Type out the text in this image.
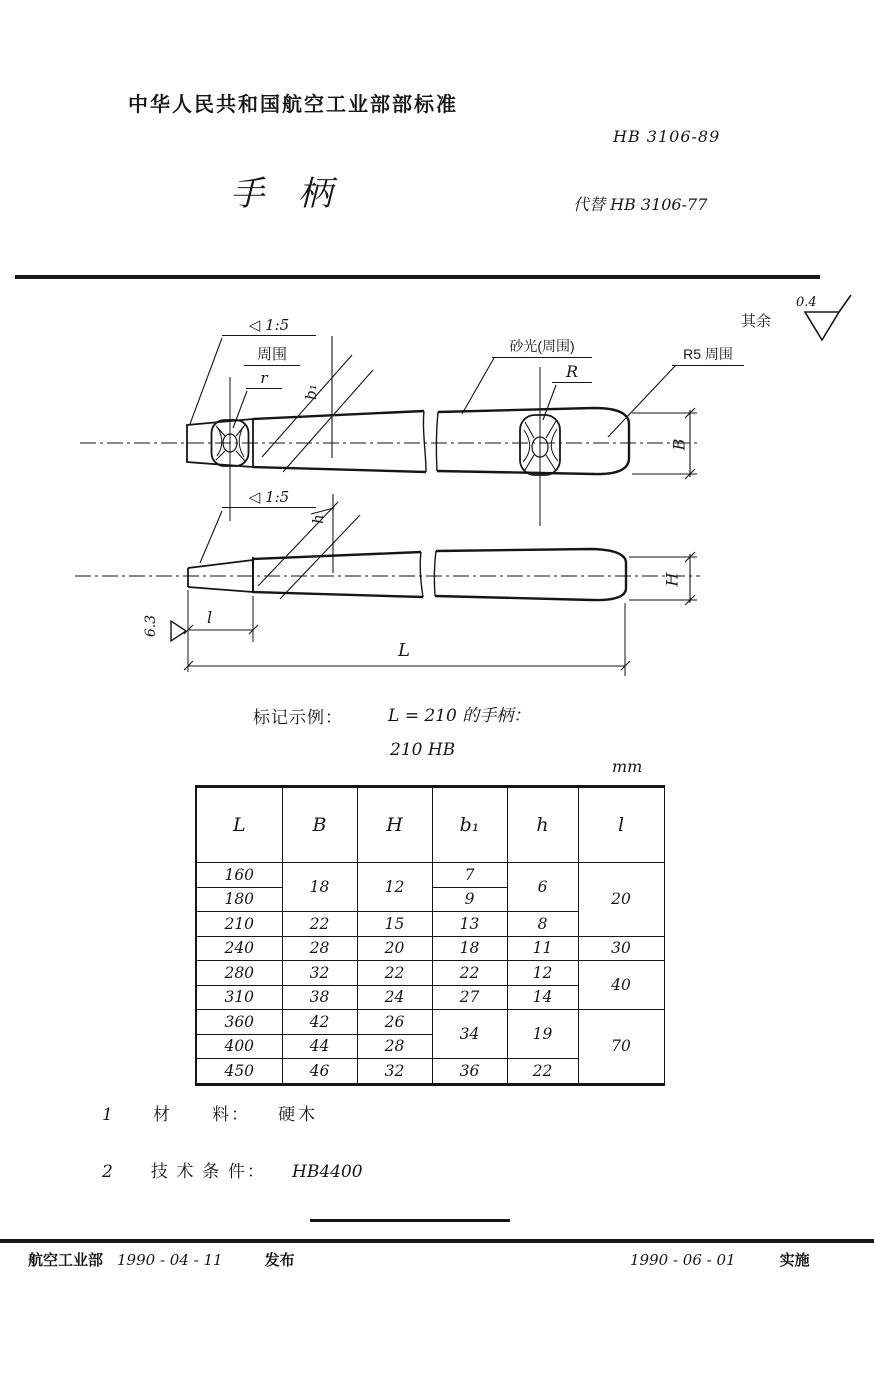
中华人民共和国航空工业部部标准
HB 3106-89
手　柄	代替 HB 3106-77
◁ 1:5
周围
r
b₁
砂光(周围)
R
R5 周围
其余
0.4
◁ 1:5
h
6.3	l
L
B
H
标记示例：	L = 210 的手柄：
210 HB
mm
L	B	H	b₁	h	l
160	18	12	7	6	20
180			9		
210	22	15	13	8	
240	28	20	18	11	30
280	32	22	22	12	40
310	38	24	27	14	
360	42	26	34	19	70
400	44	28			
450	46	32	36	22	
1 材      料： 硬木
2 技 术 条 件： HB4400
航空工业部 1990 - 04 - 11	发布	1990 - 06 - 01	实施
